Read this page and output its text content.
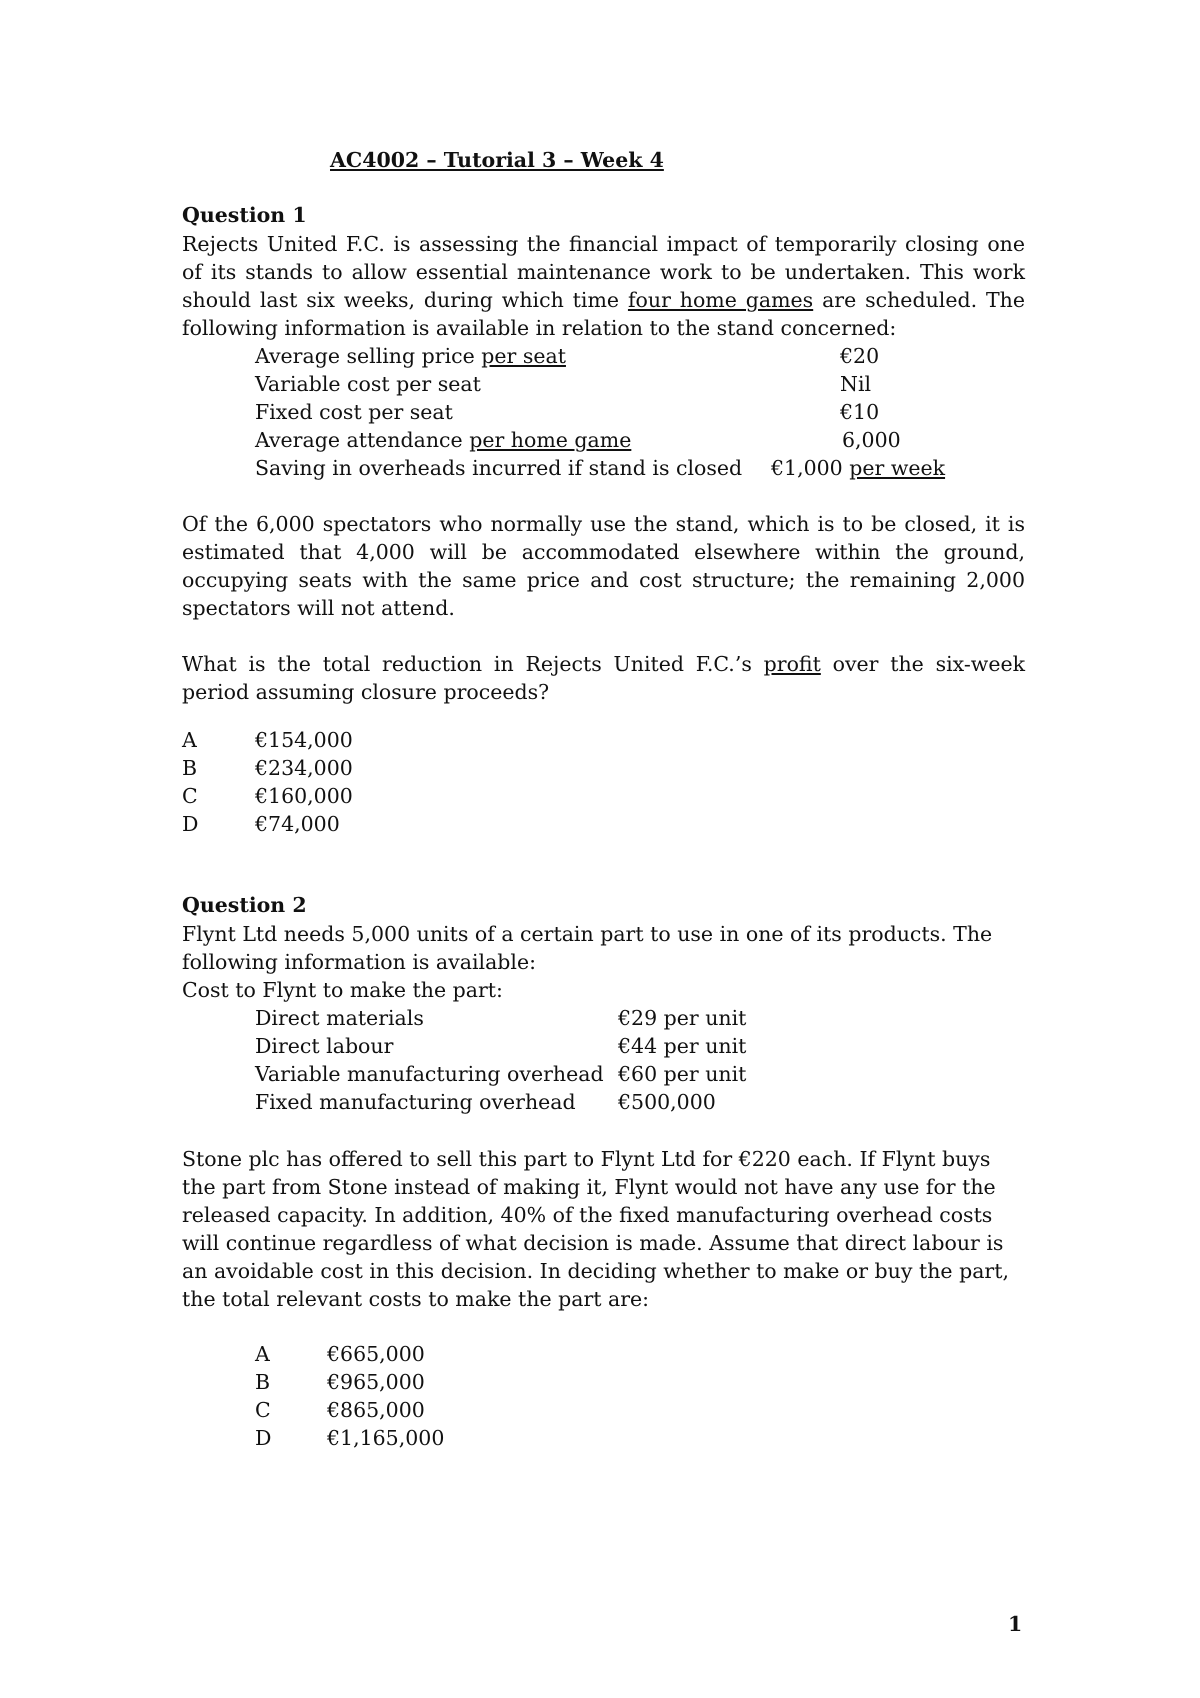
AC4002 – Tutorial 3 – Week 4
Question 1
Rejects United F.C. is assessing the financial impact of temporarily closing one of its stands to allow essential maintenance work to be undertaken. This work should last six weeks, during which time four home games are scheduled. The following information is available in relation to the stand concerned:
Average selling price per seat	€20
Variable cost per seat	Nil
Fixed cost per seat	€10
Average attendance per home game	6,000
Saving in overheads incurred if stand is closed €1,000 per week
Of the 6,000 spectators who normally use the stand, which is to be closed, it is estimated that 4,000 will be accommodated elsewhere within the ground, occupying seats with the same price and cost structure; the remaining 2,000 spectators will not attend.
What is the total reduction in Rejects United F.C.’s profit over the six-week period assuming closure proceeds?
A	€154,000
B	€234,000
C	€160,000
D	€74,000
Question 2
Flynt Ltd needs 5,000 units of a certain part to use in one of its products. The following information is available:
Cost to Flynt to make the part:
Direct materials	€29 per unit
Direct labour	€44 per unit
Variable manufacturing overhead €60 per unit
Fixed manufacturing overhead €500,000
Stone plc has offered to sell this part to Flynt Ltd for €220 each. If Flynt buys the part from Stone instead of making it, Flynt would not have any use for the released capacity. In addition, 40% of the fixed manufacturing overhead costs will continue regardless of what decision is made. Assume that direct labour is an avoidable cost in this decision. In deciding whether to make or buy the part, the total relevant costs to make the part are:
A	€665,000
B	€965,000
C	€865,000
D	€1,165,000
1
